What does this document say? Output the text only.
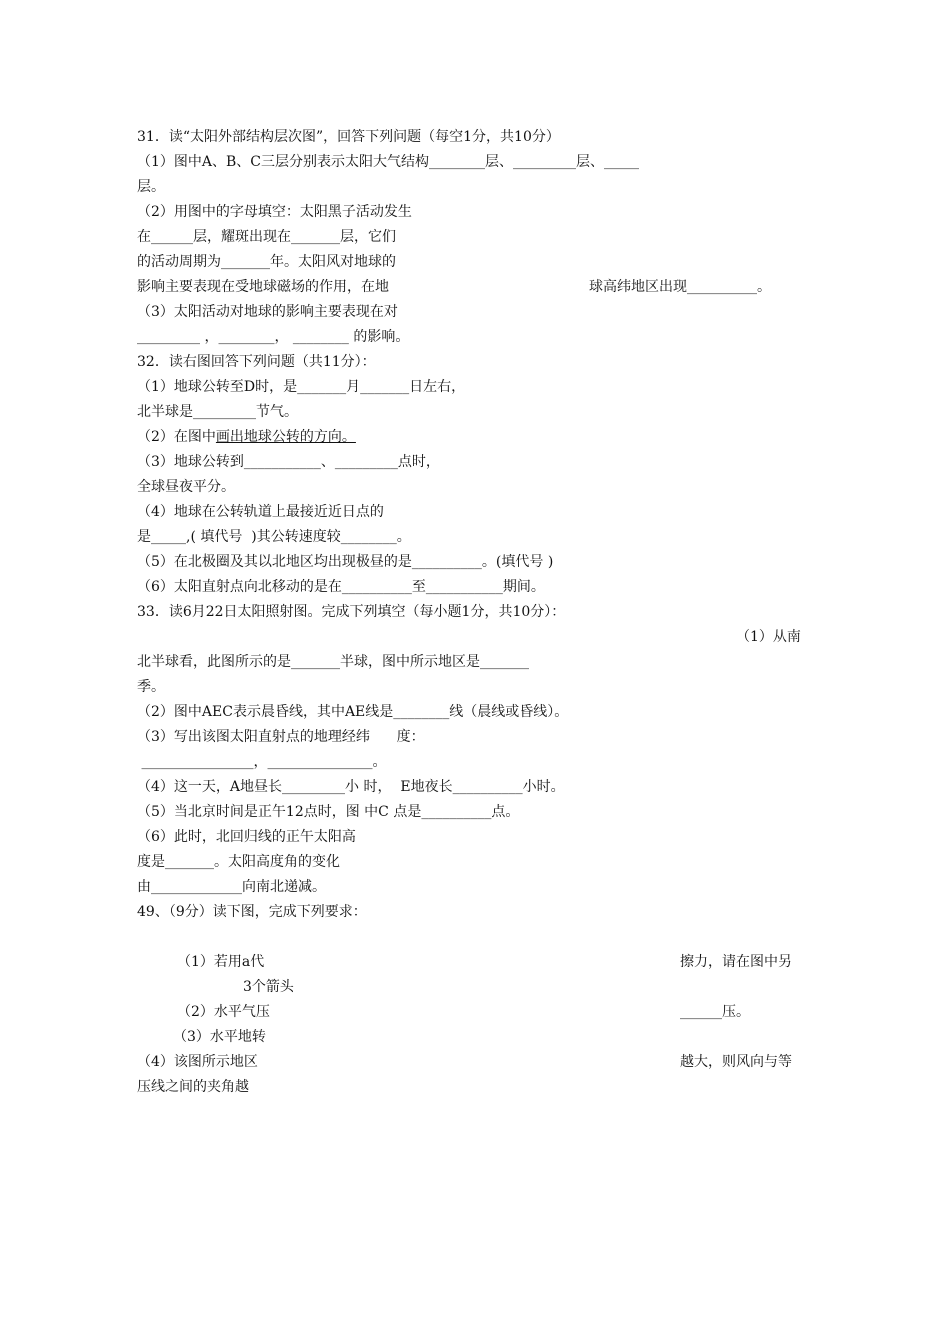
31．读“太阳外部结构层次图”，回答下列问题（每空1分，共10分）
（1）图中A、B、C三层分别表示太阳大气结构________层、_________层、_____
层。
（2）用图中的字母填空：太阳黑子活动发生
在______层，耀斑出现在_______层，它们
的活动周期为_______年。太阳风对地球的
影响主要表现在受地球磁场的作用，在地	球高纬地区出现__________。
（3）太阳活动对地球的影响主要表现在对
_________ ，________， ________ 的影响。
32．读右图回答下列问题（共11分）：
（1）地球公转至D时，是_______月_______日左右，
北半球是_________节气。
（2）在图中画出地球公转的方向。
（3）地球公转到___________、_________点时，
全球昼夜平分。
（4）地球在公转轨道上最接近近日点的
是_____,( 填代号  )其公转速度较________。
（5）在北极圈及其以北地区均出现极昼的是__________。(填代号 )
（6）太阳直射点向北移动的是在__________至___________期间。
33．读6月22日太阳照射图。完成下列填空（每小题1分，共10分）：
（1）从南
北半球看，此图所示的是_______半球，图中所示地区是_______
季。
（2）图中AEC表示晨昏线，其中AE线是________线（晨线或昏线）。
（3）写出该图太阳直射点的地理经纬      度：
________________，_______________。
（4）这一天，A地昼长_________小 时，  E地夜长__________小时。
（5）当北京时间是正午12点时，图 中C 点是__________点。
（6）此时，北回归线的正午太阳高
度是_______。太阳高度角的变化
由_____________向南北递减。
49、（9分）读下图，完成下列要求：
（1）若用a代	擦力，请在图中另
3个箭头
（2）水平气压	______压。
（3）水平地转
（4）该图所示地区	越大，则风向与等
压线之间的夹角越
